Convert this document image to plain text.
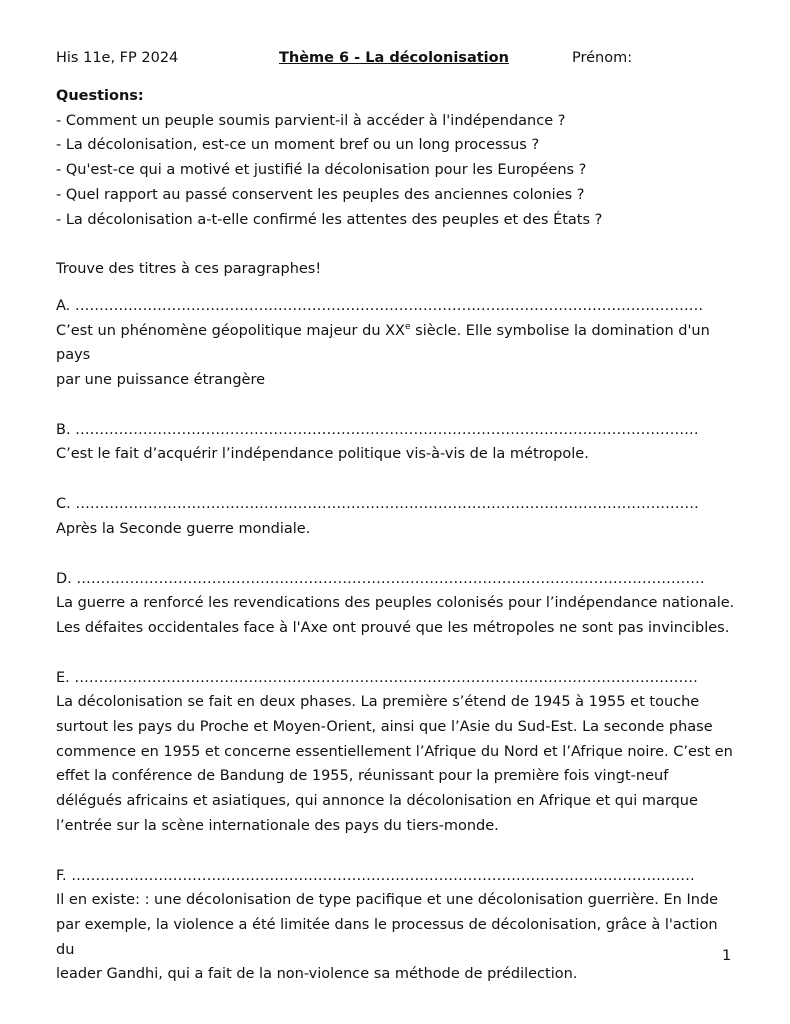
His 11e, FP 2024	Thème 6 - La décolonisation	Prénom:

Questions:

- Comment un peuple soumis parvient-il à accéder à l'indépendance ?
- La décolonisation, est-ce un moment bref ou un long processus ?
- Qu'est-ce qui a motivé et justifié la décolonisation pour les Européens ?
- Quel rapport au passé conservent les peuples des anciennes colonies ?
- La décolonisation a-t-elle confirmé les attentes des peuples et des États ?

Trouve des titres à ces paragraphes!

A. ………………………………………………………………………………………………………………….

C’est un phénomène géopolitique majeur du XXe siècle. Elle symbolise la domination d'un pays
par une puissance étrangère

B. …………………………………………………………………………………………………………………

C’est le fait d’acquérir l’indépendance politique vis-à-vis de la métropole.

C. …………………………………………………………………………………………………………………

Après la Seconde guerre mondiale.

D. ………………………………………………………………………………………………………………….

La guerre a renforcé les revendications des peuples colonisés pour l’indépendance nationale.

Les défaites occidentales face à l'Axe ont prouvé que les métropoles ne sont pas invincibles.

E. …………………………………………………………………………………………………………………

La décolonisation se fait en deux phases. La première s’étend de 1945 à 1955 et touche

surtout les pays du Proche et Moyen-Orient, ainsi que l’Asie du Sud-Est. La seconde phase

commence en 1955 et concerne essentiellement l’Afrique du Nord et l’Afrique noire. C’est en

effet la conférence de Bandung de 1955, réunissant pour la première fois vingt-neuf

délégués africains et asiatiques, qui annonce la décolonisation en Afrique et qui marque

l’entrée sur la scène internationale des pays du tiers-monde.

F. …………………………………………………………………………………………………………………

Il en existe: : une décolonisation de type pacifique et une décolonisation guerrière. En Inde

par exemple, la violence a été limitée dans le processus de décolonisation, grâce à l'action du

leader Gandhi, qui a fait de la non-violence sa méthode de prédilection.

1
